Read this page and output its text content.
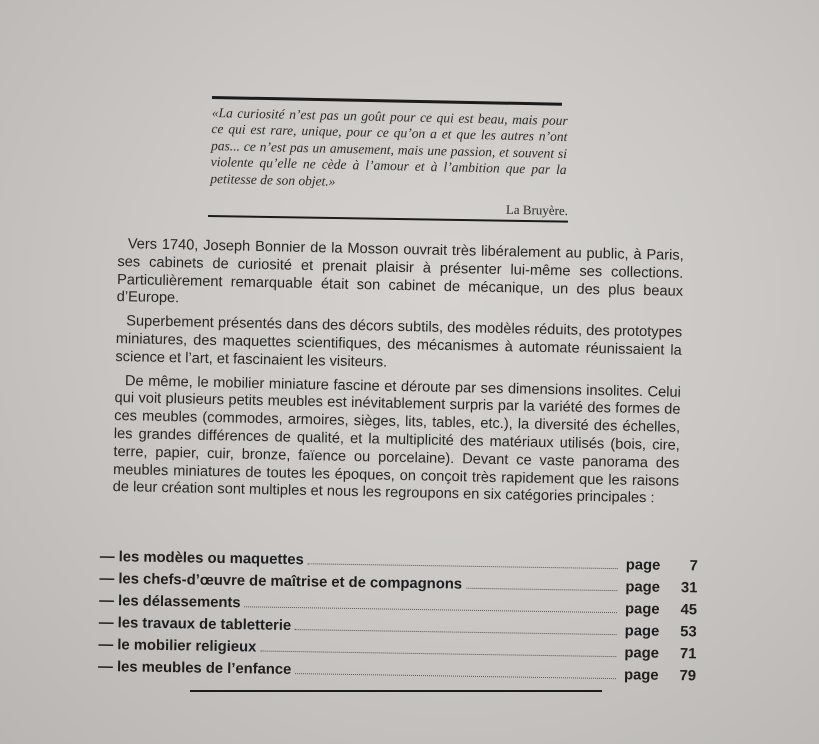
«La curiosité n’est pas un goût pour ce qui est beau, mais pour ce qui est rare, unique, pour ce qu’on a et que les autres n’ont pas... ce n’est pas un amusement, mais une passion, et souvent si violente qu’elle ne cède à l’amour et à l’ambition que par la petitesse de son objet.»

La Bruyère.

Vers 1740, Joseph Bonnier de la Mosson ouvrait très libéralement au public, à Paris, ses cabinets de curiosité et prenait plaisir à présenter lui-même ses collections. Particulièrement remarquable était son cabinet de mécanique, un des plus beaux d’Europe.

Superbement présentés dans des décors subtils, des modèles réduits, des prototypes miniatures, des maquettes scientifiques, des mécanismes à automate réunissaient la science et l’art, et fascinaient les visiteurs.

De même, le mobilier miniature fascine et déroute par ses dimensions insolites. Celui qui voit plusieurs petits meubles est inévitablement surpris par la variété des formes de ces meubles (commodes, armoires, sièges, lits, tables, etc.), la diversité des échelles, les grandes différences de qualité, et la multiplicité des matériaux utilisés (bois, cire, terre, papier, cuir, bronze, faïence ou porcelaine). Devant ce vaste panorama des meubles miniatures de toutes les époques, on conçoit très rapidement que les raisons de leur création sont multiples et nous les regroupons en six catégories principales :

— les modèles ou maquettes	page	7
— les chefs-d’œuvre de maîtrise et de compagnons	page	31
— les délassements	page	45
— les travaux de tabletterie	page	53
— le mobilier religieux	page	71
— les meubles de l’enfance	page	79
